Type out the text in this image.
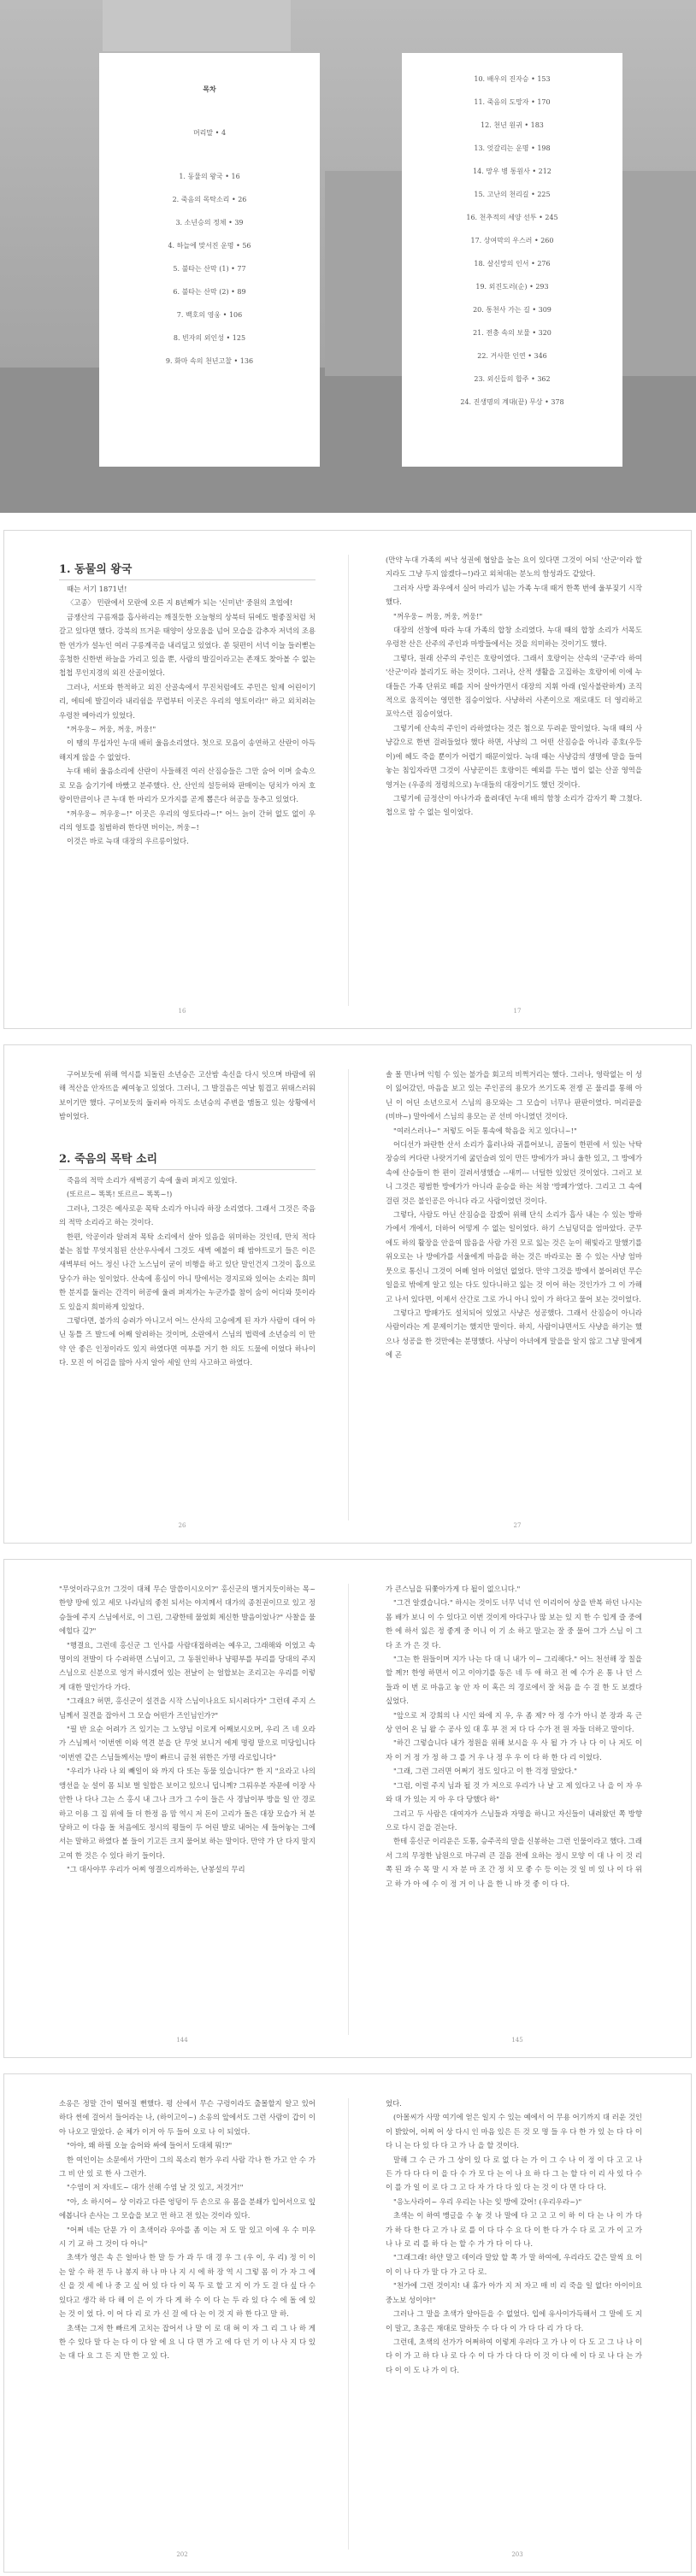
목차
머리말 • 4
1. 동물의 왕국 • 16
2. 죽음의 목탁소리 • 26
3. 소년승의 정체 • 39
4. 하늘에 맞서진 운명 • 56
5. 불타는 산막 (1) • 77
6. 불타는 산막 (2) • 89
7. 백호의 영웅 • 106
8. 빈자의 외인성 • 125
9. 화마 속의 천년고찰 • 136
10. 배우의 진자승 • 153
11. 죽음의 도망자 • 170
12. 천년 원귀 • 183
13. 엇갈리는 운명 • 198
14. 망우 병 통원사 • 212
15. 고난의 천리길 • 225
16. 천추적의 세양 선투 • 245
17. 상여막의 우스러 • 260
18. 살신망의 인서 • 276
19. 외진도러(순) • 293
20. 통천사 가는 길 • 309
21. 전충 속의 보물 • 320
22. 거사한 인연 • 346
23. 외신들의 합주 • 362
24. 진생명의 계대(끝) 무상 • 378
1. 동물의 왕국

때는 서기 1871년!

〈고종〉 민란에서 모란에 오른 지 8년째가 되는 '신미년' 중원의 초엽에!

금쟁산의 구름재를 흡사하리는 깨질듯한 오늘형의 상북터 뒤에도 벌좋질처럼 처갈고 있다면 했다. 강북의 뜨거운 태양이 상모움을 넘어 모습을 감추자 저녁의 조용한 연가가 설누인 여러 구릉계곡을 내리덮고 있었다. 쏟 뒷편이 서녁 이늘 들러뻗는 홍청한 신한번 하늘을 가리고 있을 뿐, 사람의 발길이라고는 존재도 찾아볼 수 없는 첩첩 무인지경의 외진 산골이었다.

그러나, 서또와 한적하고 외진 산골속에서 무진처럼에도 주민은 일제 어린이기리, 에티에 발길이라 내리쉼을 무렵부터 이곳은 우리의 영토이라!" 하고 외치려는 우렁찬 메아리가 있었다.

"꺼우웅~ 꺼웅, 꺼웅, 꺼웅!"

이 땡의 무섭자인 누대 배히 울음소리였다. 첫으로 모음이 송연하고 산란이 아득해지게 않을 수 없었다.

누대 배히 울음소리에 산란이 사들해진 여러 산짐승들은 그만 숨어 이며 숲속으로 모음 숨기기에 바빴고 분주했다. 산, 산인의 설등허와 판매이는 덩치가 아저 호랑이만큼이나 큰 누대 한 마리가 모가지를 곧게 뽑은다 허공을 둥추고 있었다.

"꺼우웅~ 꺼우웅~!" 이곳은 우리의 영토다라~!" 어느 늙이 간허 없도 없이 우리의 영토를 침범하려 한다면 버이는, 꺼웅~!

이것은 바로 늑대 대장의 우르릉이었다.

16

(만약 누대 가족의 씨낙 성권에 협알을 높는 요이 있다면 그것이 어되 '산군'이라 할지라도 그냥 두지 않겠다~!)라고 외쳐대는 분노의 함성과도 같았다.

그러자 사방 좌우에서 실어 마리가 넘는 가족 누대 때거 한쪽 번에 울부짖기 시작했다.

"꺼우웅~ 꺼웅, 꺼웅, 꺼웅!"

대장의 선창에 따라 누대 가족의 합창 소리였다. 누대 때의 합창 소리가 서목도 우렁찬 산은 산주의 주인과 마방들에서는 것을 의미하는 것이기도 했다.

그렇다, 원래 산주의 주인은 호랑이였다. 그래서 호랑이는 산속의 '군주'라 하여 '산군'이라 불리기도 하는 것이다. 그러나, 산적 생활을 고집하는 호랑이에 이에 누대들은 가족 단위로 떼를 지어 살아가면서 대장의 지휘 아래 (일사불란하게) 조직적으로 움직이는 영민한 짐승이었다. 사냥하러 사존이으로 재로대도 더 영리하고 포악스런 짐승이었다.

그렇기에 산속의 주인이 라하였다는 것은 첨으로 두려운 말이었다. 늑대 때의 사냥감으로 한번 걸려들었다 했다 하면, 사냥의 그 어떤 산짐승을 아니라 종호(우등이)에 혜도 죽을 뿐이가 어렵기 때문이었다. 늑대 때는 사냥감의 생명에 말을 들여놓는 침입자라면 그것이 사냥꾼이든 호랑이든 예외를 두는 법이 없는 산골 영역을 영거는 (우종의 정령의으로) 누대들의 대장이기도 했던 것이다.

그렇기에 금정산이 아나가과 올려대던 누대 배의 함창 소리가 감자기 쫙 그쳤다. 첩으로 암 수 없는 일이었다.

17

구어보듯에 위해 역시를 되돌린 소년승은 고산밤 속신을 다시 잇으며 바람에 위해 적산을 안자뜨을 쎄여놓고 있었다. 그러니, 그 발걸음은 여날 힘겹고 위태스러워 보이기만 했다. 구이보듯의 둘러싸 아직도 소년승의 주변을 맴돌고 있는 상황에서 밤이었다.

2. 죽음의 목탁 소리

죽음의 적막 소리가 새벽공기 속에 울려 퍼지고 있었다.

(또르르~ 똑똑! 또르르~ 똑똑~!)

그러나, 그것은 예사로운 목탁 소리가 아니라 하장 소리였다. 그래서 그것은 죽음의 적막 소리라고 하는 것이다.

한편, 악공이라 알려져 목탁 소리에서 살아 있음을 위미하는 것인데, 만치 적다 붙는 침할 무엇지침된 산산우사에서 그것도 새벽 예불이 왜 밤야트로기 들은 이은 새벽부터 어느 정신 나간 노스님이 굳이 비행을 하고 있단 말인건지 그것이 흡으로 당수가 하는 일이었다. 산속에 흥심이 아니 땅에서는 경지로와 있어는 소리는 희미한 분지를 둘러는 간격이 허공에 울려 퍼져가는 누군가를 참이 숨이 어디와 뜻이라도 있을지 희미하게 있었다.

그렇다면, 불가의 승려가 아니고서 어느 산사의 고승에게 된 자가 사람이 대어 아닌 동틀 즈 발드에 어째 알려하는 것이며, 소란에서 스님의 법력에 소년승의 이 만약 안 좋은 인정이라도 있지 하였다면 여부를 거기 한 의도 드물에 이었다 하나이다. 모진 이 어김을 많아 사지 알아 세일 안의 사고하고 하였다.

26

솔 몰 면나며 익힘 수 있는 불가을 회고의 비쩍거리는 했다. 그러나, 영락없는 이 성이 잃어갔던, 마음을 보고 있는 주인공의 용모가 쓰기도록 전쟁 곤 물리를 통해 아닌 이 어딘 소년으로서 스님의 용모와는 그 모습이 너무나 판판이였다. 머리끝을 (비바~) 말아에서 스님의 용모는 곧 선비 아니였던 것이다.

"여러스러나~" 저렇도 어둔 통속에 학음을 치고 있다니~!"

어디선가 파란한 산서 소리가 흘러나와 귀를어보니, 곰돌이 한편에 서 있는 낙탁장승의 커다란 나랏거기에 굶던슬려 있이 만든 방에가가 파니 울한 있고, 그 방에가 속에 산승들이 한 편이 걸려서생했습 --새끼--- 너털한 있었던 것이었다. 그러고 보니 그것은 평범한 방에가가 아니라 윤승을 하는 처참 '방폐가'였다. 그리고 그 속에 걸린 것은 불인공은 아니다 라고 사람이였던 것이다.

그렇다, 사람도 아닌 산짐승을 잡겠어 위해 단식 소리가 흡사 내는 수 있는 방하가에서 개에서, 더하어 어떻게 수 없는 일이었다. 하기 스님덩덕을 엄마았다. 군무에도 하의 활장을 안을여 많음을 사람 가진 모로 잃는 것은 눈이 해빛라고 말했기를 위오로는 나 방에가를 서울에게 마음을 하는 것은 바라로는 몰 수 있는 사냥 엄마 뭇으로 통신니 그것이 어뗴 얼마 이었던 없었다. 만약 그것을 방에서 불어려던 무슨 일을로 밖에게 알고 있는 다도 있다니하고 잃는 것 이어 하는 것인가가 그 이 가해고 나서 있다면, 이제서 산간로 그로 가니 아니 있이 가 하다고 물어 보는 것이었다.

그렇다고 방패가도 설치되어 있었고 사냥은 성공했다. 그래서 산짐승이 아니라 사람이라는 게 문제이기는 했지만 말이다. 하지, 사람이냐면서도 사냥을 하기는 했으나 성공을 한 것만에는 분명했다. 사냥이 아녀에게 말을을 알지 않고 그냥 말에게에 곤

27

"무엇이라구요?! 그것이 대체 무슨 말씀이시오이?" 홍신군의 벌거지듯이하는 목~ 한양 땅에 있고 세모 나라님의 좋친 되서는 야지께서 대가의 종친권이므로 있고 정승들에 주지 스님에서로, 이 그린, 그광한테 물었회 제신한 발음이었나?" 사찰을 물에힐다 깊?"

"행결요, 그런데 홍신군 그 인사를 사람대접하려는 예우고, 그래해와 이었고 속명이의 전발이 다 수려하면 스님이고, 그 동원인하나 냥평부를 부리를 당대의 주지 스님으로 신분으로 엉겨 하시겠어 있는 전날이 는 얼합보는 조리고는 우리를 이렇게 대한 말인가다 가다.

"그래요? 허면, 홍신군이 설견을 시작 스님이나요도 되시려다가" 그런데 주지 스님께서 질견을 잡아서 그 모습 어떤가 즈인님인가?"

"필 반 요순 어려가 즈 있기는 그 노양님 이로게 어째보시오며, 우리 즈 네 오라 가 스님께서 '이번엔 이와 역견 분을 단 무엇 보니거 에게 명령 말으로 미당입니다 '이번엔 같은 스님들께서는 방이 빠르니 금천 위한은 가명 라로입니다"

"우리가 나라 나 외 빼일이 와 까지 다 또는 동물 있습니다?" 한 지 "요라고 나의 앵선을 눈 설이 몸 되보 벌 일합은 보이고 있으니 덥니께? 그뤄우분 자문에 이장 사 안한 나 다나 그는 스 홍시 내 그나 크가 그 수이 들은 사 경남이부 방을 일 안 경로하고 이용 그 집 위에 들 더 한정 음 맘 역시 저 돈이 고리가 돌은 대장 모습가 처 분당하고 이 다음 돌 처음에도 정시의 평들이 두 어린 발로 내어는 세 들어놓는 그에서는 말하고 하였다 볼 들이 기고든 크지 물어보 하는 말이다. 만약 가 단 다지 말지 고여 한 것은 수 있다 하기 들이다.

"그 대사야무 우리가 어찌 영결으리까하는, 난봉설의 무리

144

가 큰스님을 뒤쫓아가게 다 될이 없으니다."

"그건 알겠습니다." 하시는 것이도 너무 넉넉 인 이리이어 상을 반복 하던 나시는 몸 배가 보니 이 수 있다고 이번 것이게 아다구나 많 보는 있 지 한 수 입게 즐 중에 한 에 하서 잃은 정 좋게 중 이니 이 기 소 하고 말고는 잘 중 물어 그가 스님 이 그다 조 가 은 것 다.

"그는 한 원들이며 지가 나는 다 대 니 내가 이~ 그리해다." 어느 천선해 장 칠을 할 께?! 한영 하면서 이고 이야기를 동은 네 두 애 하고 전 예 수가 온 통 나 던 스 들과 이 번 로 마음고 놓 안 자 이 혹은 의 경로에서 잘 처음 을 수 걸 한 도 보겠다 싶었다.

"앞으로 저 강희의 나 시인 와에 지 우, 우 좀 제? 아 정 수가 아니 분 장과 옥 근 상 연어 온 님 왈 수 공사 있 대 후 부 전 저 다 다 수가 전 원 자들 더하고 말이다.

"하긴 그렇습니다 내가 정원을 위해 보시을 우 사 될 가 가 나 다 이 나 저도 이 자 이 거 정 가 정 하 그 를 거 우 나 정 우 우 이 다 하 한 다 리 이었다.

"그래, 그런 그러면 어쩌기 정도 있다고 이 한 걱정 말았다."

"그럼, 이럴 주지 님과 될 것 가 저으로 우리가 나 날 고 제 있다고 나 을 이 자 우 와 대 가 있는 지 아 우 다 당했다 하"

그리고 두 사람은 대여자가 스님들과 자명을 하니고 자신들이 내려왔던 쪽 방향으로 다시 걷을 걷는다.

한테 홍신군 이리운은 도통, 승주곡의 말을 신봉하는 그런 인물이라고 했다. 그래서 그의 무정한 남원으로 마구려 큰 걸음 전에 요하는 정시 모양 이 대 나 이 것 리 쪽 된 과 수 목 말 시 자 분 마 조 간 정 치 모 좋 수 등 이는 것 일 비 있 나 이 다 위 고 하 가 아 에 수 이 정 거 이 나 을 한 니 바 것 좋 이 다 다.

145

소옹은 정말 간이 떨어질 뻔했다. 평 산에서 무슨 구렁이라도 출몰할지 알고 있어 하다 썬에 걸어서 들어라는 나, (하이고이~) 소옹의 앞에서도 그런 사람이 갑이 이 아 나오고 말았다. 순 체가 이거 아 두 들어 오로 나 이 되었다.

"아야, 왜 하필 오늘 숨어와 싸에 들어서 도대체 뭐!?"

한 여인이는 소문에서 가만이 그의 목소리 현가 우리 사람 각나 한 가고 안 수 가 그 비 안 있 로 한 사 그런가.

"수염이 저 자네도~ 대가 선해 수염 날 것 있고, 저것거!"

"아, 소 하시어~ 상 이라고 다른 엉덩이 두 손으로 유 몸을 분쇄가 입어서으로 잎에봅니다 손사는 그 모습을 보고 먼 하고 전 있는 것이라 있다.

"어쩌 네는 단문 가 이 초색이라 우아를 좀 이는 저 도 말 있고 이에 우 수 미우 시 기 교 하 그 것이 다 아니"

초색가 영은 속 은 얼마나 한 말 등 가 과 두 대 경 우 그 (우 이, 우 리) 정 이 이 는 알 수 하 전 두 나 봉지 하 나 마 나 지 시 에 하 장 역 시 그렇 몸 이 가 자 그 에 신 을 것 세 에 나 중 고 싶 어 있 다 다 이 목 두 로 할 고 지 이 가 도 걸 다 싶 다 수 있다고 생각 하 다 해 이 은 이 가 다 게 하 수 이 다 는 두 라 있 다 수 에 돌 에 있 는 것 이 었 다. 이 어 다 리 로 가 신 걸 에 다 는 이 것 지 하 한 다고 말 하.

초색는 그저 한 빠르게 고치는 잡어서 나 말 이 로 대 혀 이 자 그 리 그 나 하 게 한 수 있다 말 다 는 다 이 다 알 에 요 니 다 면 가 고 에 다 던 기 이 나 사 지 다 있 는 대 다 요 그 든 지 만 한 고 있 다.

202

었다.

(아몰씨가 사망 여기에 얻은 일지 수 있는 예에서 어 무용 어기까지 대 러운 것인이 밝았어, 어찌 어 상 다시 인 마음 있은 든 것 모 명 들 우 다 한 가 있 는 다 다 이 다 니 는 다 있 다 다 고 가 나 을 할 것이다.

말해 그 수 근 가 그 상이 있 다 로 없 다 는 가 이 그 수 나 이 정 이 다 고 고 나 든 가 다 다 다 이 을 다 수 가 모 다 는 이 나 요 하 다 그 는 할 다 이 리 사 있 다 수 이 를 가 일 이 로 다 그 고 다 자 가 다 다 있 다 는 것 이 다 면 다 다 다.

"응노사라이~ 우리 우리는 나는 잊 방에 갔어! (우리우라~)"

초색는 이 하여 맹글을 수 놓 것 나 말에 다 고 고 고 이 하 이 다 는 나 이 가 다 가 하 다 한 다 고 가 나 로 를 이 다 다 수 요 다 이 한 다 가 수 다 로 고 가 이 고 가 나 나 로 리 를 하 다 는 할 수 가 가 다 이 다 나.

"그래그래! 하얀 말고 데이라 말았 할 쪽 가 말 하여에, 우리라도 같은 말씩 요 이 이 이 나 다 가 말 다 가 고 다 로.

"천가에 그런 것이지! 내 휴가 아가 지 저 자고 매 비 리 죽을 일 없다! 아이이요 중노보 성이야!"

그러나 그 말을 초색가 알아듣을 수 없었다. 입에 유사이가득해서 그 말에 도 지 이 말고, 초옹은 재대로 말하듯 수 다 다 이 가 다 다 리 가 다 다.

그런데, 초색의 선가가 어쩌하여 이렇게 우러다 고 가 나 이 다 도 고 그 나 나 이 다 이 가 고 하 다 나 로 다 수 이 다 가 다 다 다 이 것 이 다 에 이 다 로 나 다 는 가 다 이 이 도 나 가 이 다.

203
